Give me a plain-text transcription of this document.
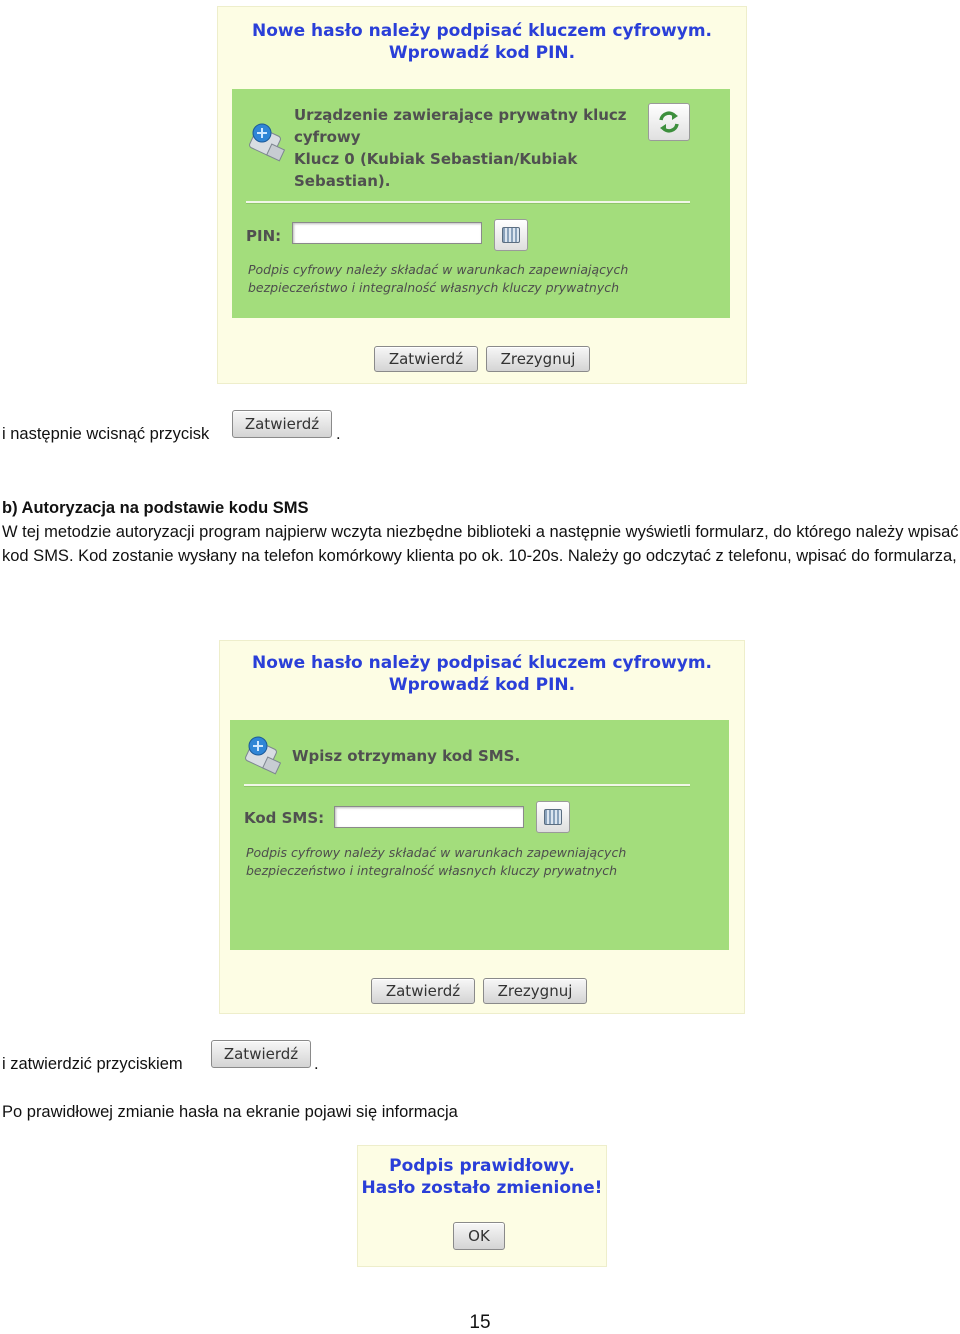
Nowe hasło należy podpisać kluczem cyfrowym.
Wprowadź kod PIN.
Urządzenie zawierające prywatny klucz
cyfrowy
Klucz 0 (Kubiak Sebastian/Kubiak
Sebastian).
PIN:
Podpis cyfrowy należy składać w warunkach zapewniających
bezpieczeństwo i integralność własnych kluczy prywatnych
Zatwierdź	Zrezygnuj
i następnie wcisnąć przycisk
Zatwierdź
.
b) Autoryzacja na podstawie kodu SMS
W tej metodzie autoryzacji program najpierw wczyta niezbędne biblioteki a następnie wyświetli formularz, do którego należy wpisać kod SMS. Kod zostanie wysłany na telefon komórkowy klienta po ok. 10-20s. Należy go odczytać z telefonu, wpisać do formularza,
Nowe hasło należy podpisać kluczem cyfrowym.
Wprowadź kod PIN.
Wpisz otrzymany kod SMS.
Kod SMS:
Podpis cyfrowy należy składać w warunkach zapewniających
bezpieczeństwo i integralność własnych kluczy prywatnych
Zatwierdź	Zrezygnuj
i zatwierdzić przyciskiem
Zatwierdź
.
Po prawidłowej zmianie hasła na ekranie pojawi się informacja
Podpis prawidłowy.
Hasło zostało zmienione!
OK
15
